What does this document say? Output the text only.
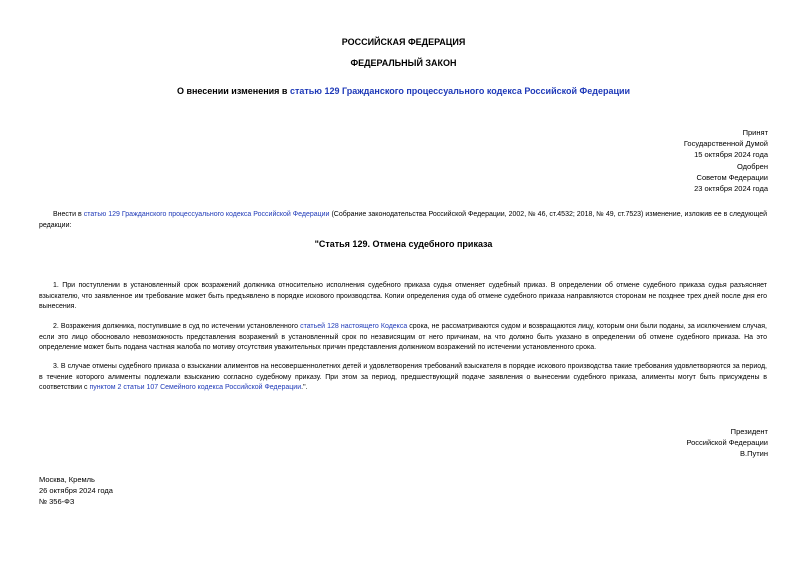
РОССИЙСКАЯ ФЕДЕРАЦИЯ
ФЕДЕРАЛЬНЫЙ ЗАКОН
О внесении изменения в статью 129 Гражданского процессуального кодекса Российской Федерации
Принят
Государственной Думой
15 октября 2024 года
Одобрен
Советом Федерации
23 октября 2024 года
Внести в статью 129 Гражданского процессуального кодекса Российской Федерации (Собрание законодательства Российской Федерации, 2002, № 46, ст.4532; 2018, № 49, ст.7523) изменение, изложив ее в следующей редакции:
"Статья 129. Отмена судебного приказа
1. При поступлении в установленный срок возражений должника относительно исполнения судебного приказа судья отменяет судебный приказ. В определении об отмене судебного приказа судья разъясняет взыскателю, что заявленное им требование может быть предъявлено в порядке искового производства. Копии определения суда об отмене судебного приказа направляются сторонам не позднее трех дней после дня его вынесения.
2. Возражения должника, поступившие в суд по истечении установленного статьей 128 настоящего Кодекса срока, не рассматриваются судом и возвращаются лицу, которым они были поданы, за исключением случая, если это лицо обосновало невозможность представления возражений в установленный срок по независящим от него причинам, на что должно быть указано в определении об отмене судебного приказа. На это определение может быть подана частная жалоба по мотиву отсутствия уважительных причин представления должником возражений по истечении установленного срока.
3. В случае отмены судебного приказа о взыскании алиментов на несовершеннолетних детей и удовлетворения требований взыскателя в порядке искового производства такие требования удовлетворяются за период, в течение которого алименты подлежали взысканию согласно судебному приказу. При этом за период, предшествующий подаче заявления о вынесении судебного приказа, алименты могут быть присуждены в соответствии с пунктом 2 статьи 107 Семейного кодекса Российской Федерации.".
Президент
Российской Федерации
В.Путин
Москва, Кремль
26 октября 2024 года
№ 356-ФЗ
